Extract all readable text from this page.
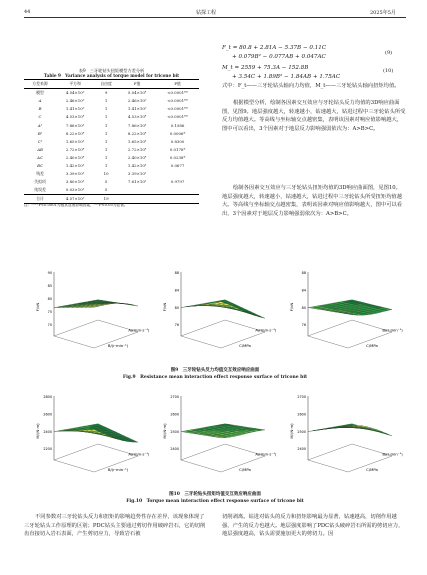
44	钻探工程	2025年5月
表9　三牙轮钻头扭矩模型方差分析
Table 9　Variance analysis of torque model for tricone bit
方差来源	平方和	自由度	F值	P值
模型	4.54×10⁵	9	5.04×10⁴	<0.0001**
A	2.46×10⁵	1	2.46×10⁵	<0.0001**
B	1.41×10⁵	1	1.41×10⁵	<0.0001**
C	4.53×10⁴	1	4.53×10⁴	<0.0001**
A²	7.86×10³	1	7.86×10³	0.1586
B²	8.22×10⁴	1	8.22×10⁴	0.0006*
C²	1.65×10³	1	1.65×10³	0.8300
AB	2.72×10⁴	1	2.72×10⁴	0.0178*
AC	2.40×10⁴	1	2.40×10⁴	0.0238*
BC	1.42×10³	1	1.42×10³	0.0677
残差	3.39×10³	10	3.39×10²	
失拟项	3.80×10³	5	7.61×10²	0.9797
纯误差	0.03×10³	5		
合计	4.57×10⁵	19		
注："**"P<0.0001为极其显著影响因素，"*"P<0.05为显著。
F_t = 80.8 + 2.81A − 5.37B − 0.11C
+ 0.079B² − 0.077AB + 0.047AC
(9)
M_t = 2559 + 75.3A − 152.8B
+ 3.54C + 1.89B² − 1.84AB + 1.75AC
(10)
式中：F_t——三牙轮钻头轴向力均值，M_t——三牙轮钻头轴向扭矩均值。
根据模型分析，绘制各因素交互效应与牙轮钻头反力均值的3D响应曲面图，见图9。地层强度越大，转速越小，钻速越大，钻进过程中三牙轮钻头所受反力均值越大。等高线与坐标轴交点越密集，表明该因素对响应值影响越大，图中可以看出，3个因素对于地层反力影响强弱依次为：A>B>C。
绘制各因素交互效应与三牙轮钻头扭矩均值的3D响应曲面图，见图10。地层强度越大，转速越小，钻速越大，钻进过程中三牙轮钻头所受扭矩均值越大。等高线与坐标轴交点越密集，表明该因素对响应值影响越大，图中可以看出，3个因素对于地层反力影响强弱依次为：A>B>C。
90
85
80
75
70
F/kN
B/(r·min⁻¹)
A/(mm·s⁻¹)
88
84
80
76
F/kN
C/MPa
A/(mm·s⁻¹)
88
84
80
76
F/kN
C/MPa
B/(r·min⁻¹)
图9　三牙轮钻头反力均值交互效应响应曲面
Fig.9　Resistance mean interaction effect response surface of tricone bit
2800
2600
2400
2200
M/(N·m)
B/(r·min⁻¹)
A/(mm·s⁻¹)
2700
2600
2500
2400
M/(N·m)
C/MPa
A/(mm·s⁻¹)
2700
2600
2500
2400
M/(N·m)
C/MPa
B/(r·min⁻¹)
图10　三牙轮钻头扭矩均值交互效应响应曲面
Fig.10　Torque mean interaction effect response surface of tricone bit
不同参数对三牙轮钻头反力和扭矩的影响趋势性存在差异，该现象体现了三牙轮钻头工作原理的区别；PDC钻头主要通过剪切作用破碎岩石，它的切削齿直接切入岩石表面，产生剪切应力，导致岩石被
切削剥离。钻进对钻头的反力和扭矩影响最为显著，钻速越高，切削作用越强，产生的反力也越大。地层强度影响了PDC钻头破碎岩石所需的剪切应力，地层强度越高，钻头需要施加更大的剪切力。因
